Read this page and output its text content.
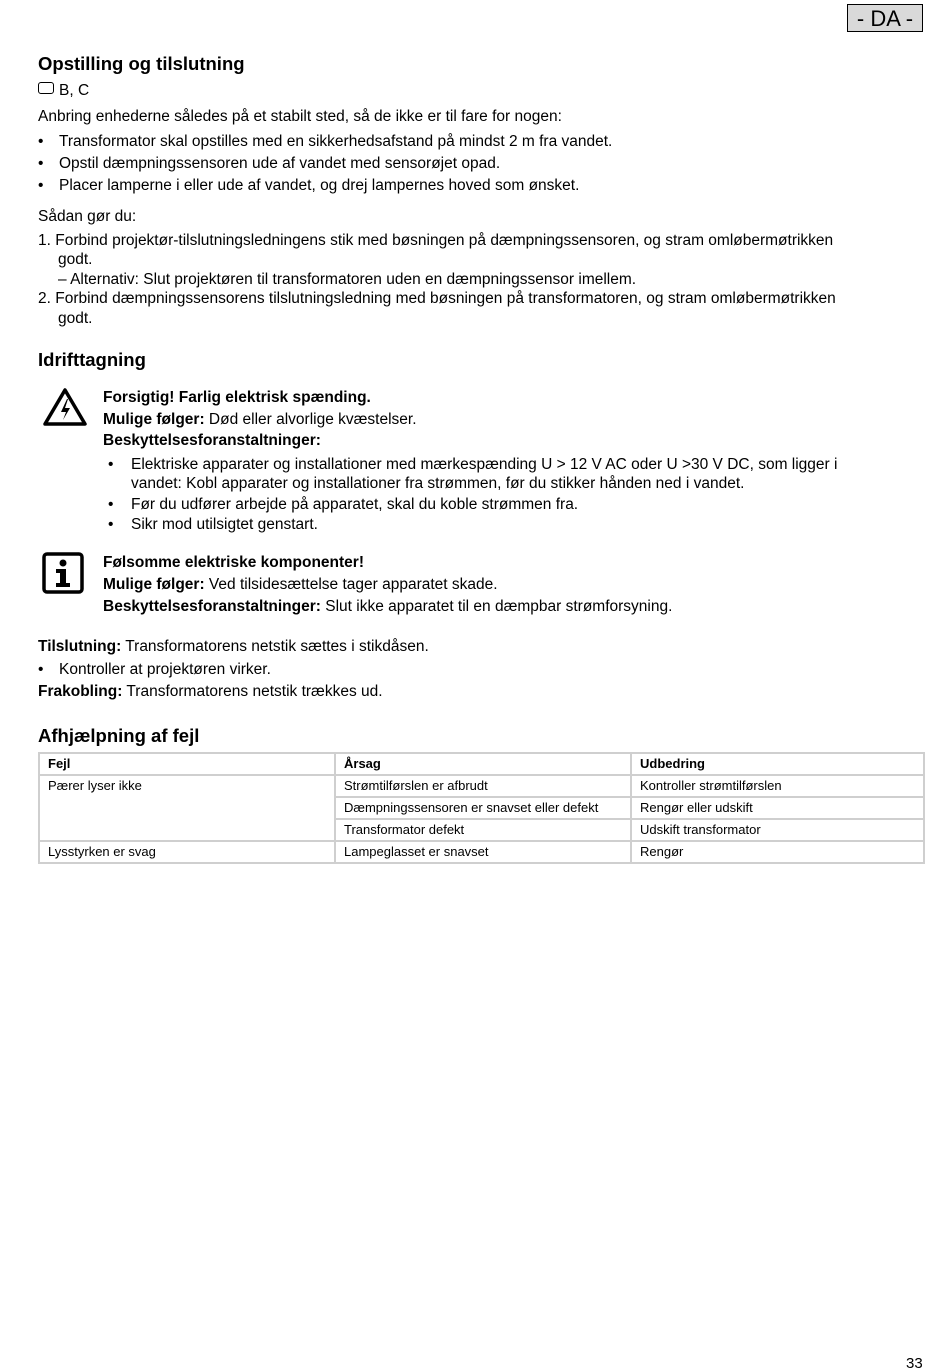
- DA -
Opstilling og tilslutning
B, C
Anbring enhederne således på et stabilt sted, så de ikke er til fare for nogen:
•	Transformator skal opstilles med en sikkerhedsafstand på mindst 2 m fra vandet.
•	Opstil dæmpningssensoren ude af vandet med sensorøjet opad.
•	Placer lamperne i eller ude af vandet, og drej lampernes hoved som ønsket.
Sådan gør du:
1. Forbind projektør-tilslutningsledningens stik med bøsningen på dæmpningssensoren, og stram omløbermøtrikken
godt.
– Alternativ: Slut projektøren til transformatoren uden en dæmpningssensor imellem.
2. Forbind dæmpningssensorens tilslutningsledning med bøsningen på transformatoren, og stram omløbermøtrikken
godt.
Idrifttagning
Forsigtig! Farlig elektrisk spænding.
Mulige følger: Død eller alvorlige kvæstelser.
Beskyttelsesforanstaltninger:
•	Elektriske apparater og installationer med mærkespænding U > 12 V AC oder U >30 V DC, som ligger i
vandet: Kobl apparater og installationer fra strømmen, før du stikker hånden ned i vandet.
•	Før du udfører arbejde på apparatet, skal du koble strømmen fra.
•	Sikr mod utilsigtet genstart.
Følsomme elektriske komponenter!
Mulige følger: Ved tilsidesættelse tager apparatet skade.
Beskyttelsesforanstaltninger: Slut ikke apparatet til en dæmpbar strømforsyning.
Tilslutning: Transformatorens netstik sættes i stikdåsen.
•	Kontroller at projektøren virker.
Frakobling: Transformatorens netstik trækkes ud.
Afhjælpning af fejl
Fejl	Årsag	Udbedring
Pærer lyser ikke	Strømtilførslen er afbrudt	Kontroller strømtilførslen
	Dæmpningssensoren er snavset eller defekt	Rengør eller udskift
	Transformator defekt	Udskift transformator
Lysstyrken er svag	Lampeglasset er snavset	Rengør
33
